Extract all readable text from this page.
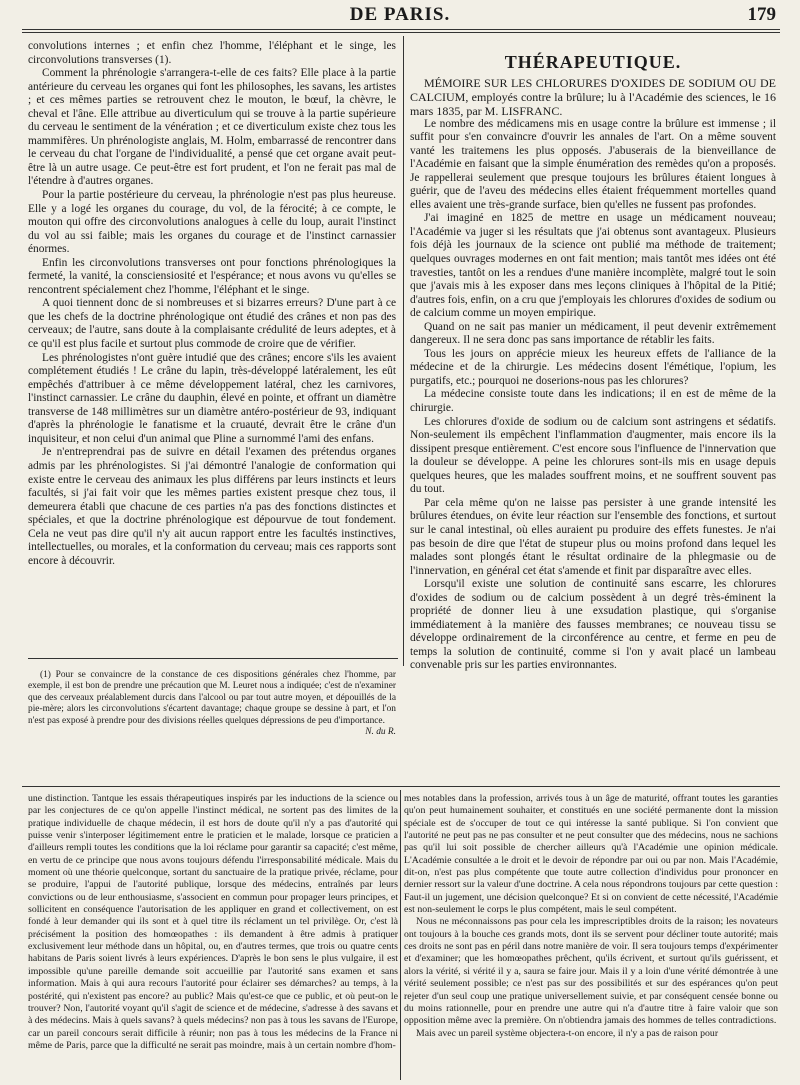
DE PARIS.	179

convolutions internes ; et enfin chez l'homme, l'éléphant et le singe, les circonvolutions transverses (1).

Comment la phrénologie s'arrangera-t-elle de ces faits? Elle place à la partie antérieure du cerveau les organes qui font les philosophes, les savans, les artistes ; et ces mêmes parties se retrouvent chez le mouton, le bœuf, la chèvre, le cheval et l'âne. Elle attribue au diverticulum qui se trouve à la partie supérieure du cerveau le sentiment de la vénération ; et ce diverticulum existe chez tous les mammifères. Un phrénologiste anglais, M. Holm, embarrassé de rencontrer dans le cerveau du chat l'organe de l'individualité, a pensé que cet organe avait peut-être là un autre usage. Ce peut-être est fort prudent, et l'on ne ferait pas mal de l'étendre à d'autres organes.

Pour la partie postérieure du cerveau, la phrénologie n'est pas plus heureuse. Elle y a logé les organes du courage, du vol, de la férocité; à ce compte, le mouton qui offre des circonvolutions analogues à celle du loup, aurait l'instinct du vol au ssi faible; mais les organes du courage et de l'instinct carnassier énormes.

Enfin les circonvolutions transverses ont pour fonctions phrénologiques la fermeté, la vanité, la consciensiosité et l'espérance; et nous avons vu qu'elles se rencontrent spécialement chez l'homme, l'éléphant et le singe.

A quoi tiennent donc de si nombreuses et si bizarres erreurs? D'une part à ce que les chefs de la doctrine phrénologique ont étudié des crânes et non pas des cerveaux; de l'autre, sans doute à la complaisante crédulité de leurs adeptes, et à ce qu'il est plus facile et surtout plus commode de croire que de vérifier.

Les phrénologistes n'ont guère intudié que des crânes; encore s'ils les avaient complétement étudiés ! Le crâne du lapin, très-développé latéralement, les eût empêchés d'attribuer à ce même développement latéral, chez les carnivores, l'instinct carnassier. Le crâne du dauphin, élevé en pointe, et offrant un diamètre transverse de 148 millimètres sur un diamètre antéro-postérieur de 93, indiquant d'après la phrénologie le fanatisme et la cruauté, devrait être le crâne d'un inquisiteur, et non celui d'un animal que Pline a surnommé l'ami des enfans.

Je n'entreprendrai pas de suivre en détail l'examen des prétendus organes admis par les phrénologistes. Si j'ai démontré l'analogie de conformation qui existe entre le cerveau des animaux les plus différens par leurs instincts et leurs facultés, si j'ai fait voir que les mêmes parties existent presque chez tous, il demeurera établi que chacune de ces parties n'a pas des fonctions distinctes et spéciales, et que la doctrine phrénologique est dépourvue de tout fondement. Cela ne veut pas dire qu'il n'y ait aucun rapport entre les facultés instinctives, intellectuelles, ou morales, et la conformation du cerveau; mais ces rapports sont encore à découvrir.

(1) Pour se convaincre de la constance de ces dispositions générales chez l'homme, par exemple, il est bon de prendre une précaution que M. Leuret nous a indiquée; c'est de n'examiner que des cerveaux préalablement durcis dans l'alcool ou par tout autre moyen, et dépouillés de la pie-mère; alors les circonvolutions s'écartent davantage; chaque groupe se dessine à part, et l'on n'est pas exposé à prendre pour des divisions réelles quelques dépressions de peu d'importance.

N. du R.
THÉRAPEUTIQUE.

MÉMOIRE SUR LES CHLORURES D'OXIDES DE SODIUM OU DE CALCIUM, employés contre la brûlure; lu à l'Académie des sciences, le 16 mars 1835, par M. LISFRANC.

Le nombre des médicamens mis en usage contre la brûlure est immense ; il suffit pour s'en convaincre d'ouvrir les annales de l'art. On a même souvent vanté les traitemens les plus opposés. J'abuserais de la bienveillance de l'Académie en faisant que la simple énumération des remèdes qu'on a proposés. Je rappellerai seulement que presque toujours les brûlures étaient longues à guérir, que de l'aveu des médecins elles étaient fréquemment mortelles quand elles avaient une très-grande surface, bien qu'elles ne fussent pas profondes.

J'ai imaginé en 1825 de mettre en usage un médicament nouveau; l'Académie va juger si les résultats que j'ai obtenus sont avantageux. Plusieurs fois déjà les journaux de la science ont publié ma méthode de traitement; quelques ouvrages modernes en ont fait mention; mais tantôt mes idées ont été travesties, tantôt on les a rendues d'une manière incomplète, malgré tout le soin que j'avais mis à les exposer dans mes leçons cliniques à l'hôpital de la Pitié; d'autres fois, enfin, on a cru que j'employais les chlorures d'oxides de sodium ou de calcium comme un moyen empirique.

Quand on ne sait pas manier un médicament, il peut devenir extrêmement dangereux. Il ne sera donc pas sans importance de rétablir les faits.

Tous les jours on apprécie mieux les heureux effets de l'alliance de la médecine et de la chirurgie. Les médecins dosent l'émétique, l'opium, les purgatifs, etc.; pourquoi ne doserions-nous pas les chlorures?

La médecine consiste toute dans les indications; il en est de même de la chirurgie.

Les chlorures d'oxide de sodium ou de calcium sont astringens et sédatifs. Non-seulement ils empêchent l'inflammation d'augmenter, mais encore ils la dissipent presque entièrement. C'est encore sous l'influence de l'innervation que la douleur se développe. A peine les chlorures sont-ils mis en usage depuis quelques heures, que les malades souffrent moins, et ne souffrent souvent pas du tout.

Par cela même qu'on ne laisse pas persister à une grande intensité les brûlures étendues, on évite leur réaction sur l'ensemble des fonctions, et surtout sur le canal intestinal, où elles auraient pu produire des effets funestes. Je n'ai pas besoin de dire que l'état de stupeur plus ou moins profond dans lequel les malades sont plongés étant le résultat ordinaire de la phlegmasie ou de l'innervation, en général cet état s'amende et finit par disparaître avec elles.

Lorsqu'il existe une solution de continuité sans escarre, les chlorures d'oxides de sodium ou de calcium possèdent à un degré très-éminent la propriété de donner lieu à une exsudation plastique, qui s'organise immédiatement à la manière des fausses membranes; ce nouveau tissu se développe ordinairement de la circonférence au centre, et ferme en peu de temps la solution de continuité, comme si l'on y avait placé un lambeau convenable pris sur les parties environnantes.

une distinction. Tantque les essais thérapeutiques inspirés par les inductions de la science ou par les conjectures de ce qu'on appelle l'instinct médical, ne sortent pas des limites de la pratique individuelle de chaque médecin, il est hors de doute qu'il n'y a pas d'autorité qui puisse venir s'interposer légitimement entre le praticien et le malade, lorsque ce praticien a d'ailleurs rempli toutes les conditions que la loi réclame pour garantir sa capacité; c'est même, en vertu de ce principe que nous avons toujours défendu l'irresponsabilité médicale. Mais du moment où une théorie quelconque, sortant du sanctuaire de la pratique privée, réclame, pour se produire, l'appui de l'autorité publique, lorsque des médecins, entraînés par leurs convictions ou de leur enthousiasme, s'associent en commun pour propager leurs principes, et sollicitent en conséquence l'autorisation de les appliquer en grand et collectivement, on est fondé à leur demander qui ils sont et à quel titre ils réclament un tel privilège. Or, c'est là précisément la position des homœopathes : ils demandent à être admis à pratiquer exclusivement leur méthode dans un hôpital, ou, en d'autres termes, que trois ou quatre cents habitans de Paris soient livrés à leurs expériences. D'après le bon sens le plus vulgaire, il est impossible qu'une pareille demande soit accueillie par l'autorité sans examen et sans information. Mais à qui aura recours l'autorité pour éclairer ses démarches? au temps, à la postérité, qui n'existent pas encore? au public? Mais qu'est-ce que ce public, et où peut-on le trouver? Non, l'autorité voyant qu'il s'agit de science et de médecine, s'adresse à des savans et à des médecins. Mais à quels savans? à quels médecins? non pas à tous les savans de l'Europe, car un pareil concours serait difficile à réunir; non pas à tous les médecins de la France ni même de Paris, parce que la difficulté ne serait pas moindre, mais à un certain nombre d'hom-

mes notables dans la profession, arrivés tous à un âge de maturité, offrant toutes les garanties qu'on peut humainement souhaiter, et constitués en une société permanente dont la mission spéciale est de s'occuper de tout ce qui intéresse la santé publique. Si l'on convient que l'autorité ne peut pas ne pas consulter et ne peut consulter que des médecins, nous ne sachions pas qu'il lui soit possible de chercher ailleurs qu'à l'Académie une opinion médicale. L'Académie consultée a le droit et le devoir de répondre par oui ou par non. Mais l'Académie, dit-on, n'est pas plus compétente que toute autre collection d'individus pour prononcer en dernier ressort sur la valeur d'une doctrine. A cela nous répondrons toujours par cette question : Faut-il un jugement, une décision quelconque? Et si on convient de cette nécessité, l'Académie est non-seulement le corps le plus compétent, mais le seul compétent.

Nous ne méconnaissons pas pour cela les imprescriptibles droits de la raison; les novateurs ont toujours à la bouche ces grands mots, dont ils se servent pour décliner toute autorité; mais ces droits ne sont pas en péril dans notre manière de voir. Il sera toujours temps d'expérimenter et d'examiner; que les homœopathes prêchent, qu'ils écrivent, et surtout qu'ils guérissent, et alors la vérité, si vérité il y a, saura se faire jour. Mais il y a loin d'une vérité démontrée à une vérité seulement possible; ce n'est pas sur des possibilités et sur des espérances qu'on peut rejeter d'un seul coup une pratique universellement suivie, et par conséquent censée bonne ou du moins rationnelle, pour en prendre une autre qui n'a d'autre titre à faire valoir que son opposition même avec la première. On n'obtiendra jamais des hommes de telles contradictions.

Mais avec un pareil système objectera-t-on encore, il n'y a pas de raison pour
